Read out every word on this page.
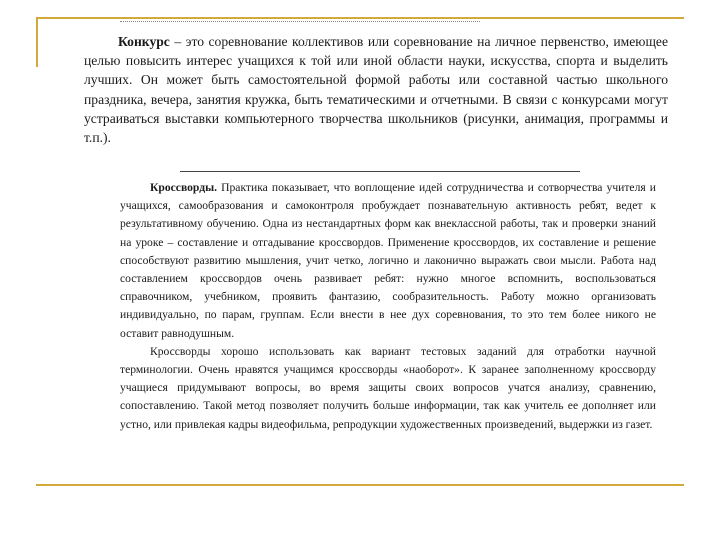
Конкурс – это соревнование коллективов или соревнование на личное первенство, имеющее целью повысить интерес учащихся к той или иной области науки, искусства, спорта и выделить лучших. Он может быть самостоятельной формой работы или составной частью школьного праздника, вечера, занятия кружка, быть тематическими и отчетными. В связи с конкурсами могут устраиваться выставки компьютерного творчества школьников (рисунки, анимация, программы и т.п.).

Кроссворды. Практика показывает, что воплощение идей сотрудничества и сотворчества учителя и учащихся, самообразования и самоконтроля пробуждает познавательную активность ребят, ведет к результативному обучению. Одна из нестандартных форм как внеклассной работы, так и проверки знаний на уроке – составление и отгадывание кроссвордов. Применение кроссвордов, их составление и решение способствуют развитию мышления, учит четко, логично и лаконично выражать свои мысли. Работа над составлением кроссвордов очень развивает ребят: нужно многое вспомнить, воспользоваться справочником, учебником, проявить фантазию, сообразительность. Работу можно организовать индивидуально, по парам, группам. Если внести в нее дух соревнования, то это тем более никого не оставит равнодушным.

Кроссворды хорошо использовать как вариант тестовых заданий для отработки научной терминологии. Очень нравятся учащимся кроссворды «наоборот». К заранее заполненному кроссворду учащиеся придумывают вопросы, во время защиты своих вопросов учатся анализу, сравнению, сопоставлению. Такой метод позволяет получить больше информации, так как учитель ее дополняет или устно, или привлекая кадры видеофильма, репродукции художественных произведений, выдержки из газет.
